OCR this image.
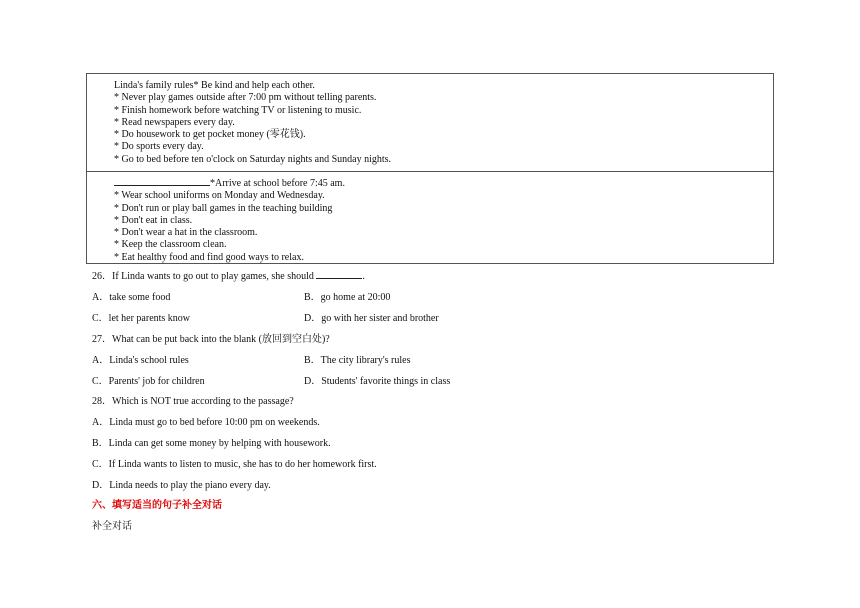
Linda's family rules* Be kind and help each other.
* Never play games outside after 7:00 pm without telling parents.
* Finish homework before watching TV or listening to music.
* Read newspapers every day.
* Do housework to get pocket money (零花钱).
* Do sports every day.
* Go to bed before ten o'clock on Saturday nights and Sunday nights.
*Arrive at school before 7:45 am.
* Wear school uniforms on Monday and Wednesday.
* Don't run or play ball games in the teaching building
* Don't eat in class.
* Don't wear a hat in the classroom.
* Keep the classroom clean.
* Eat healthy food and find good ways to relax.
26．If Linda wants to go out to play games, she should	.
A．take some food	B．go home at 20:00
C．let her parents know	D．go with her sister and brother
27．What can be put back into the blank (放回到空白处)?
A．Linda's school rules	B．The city library's rules
C．Parents' job for children	D．Students' favorite things in class
28．Which is NOT true according to the passage?
A．Linda must go to bed before 10:00 pm on weekends.
B．Linda can get some money by helping with housework.
C．If Linda wants to listen to music, she has to do her homework first.
D．Linda needs to play the piano every day.
六、填写适当的句子补全对话
补全对话
